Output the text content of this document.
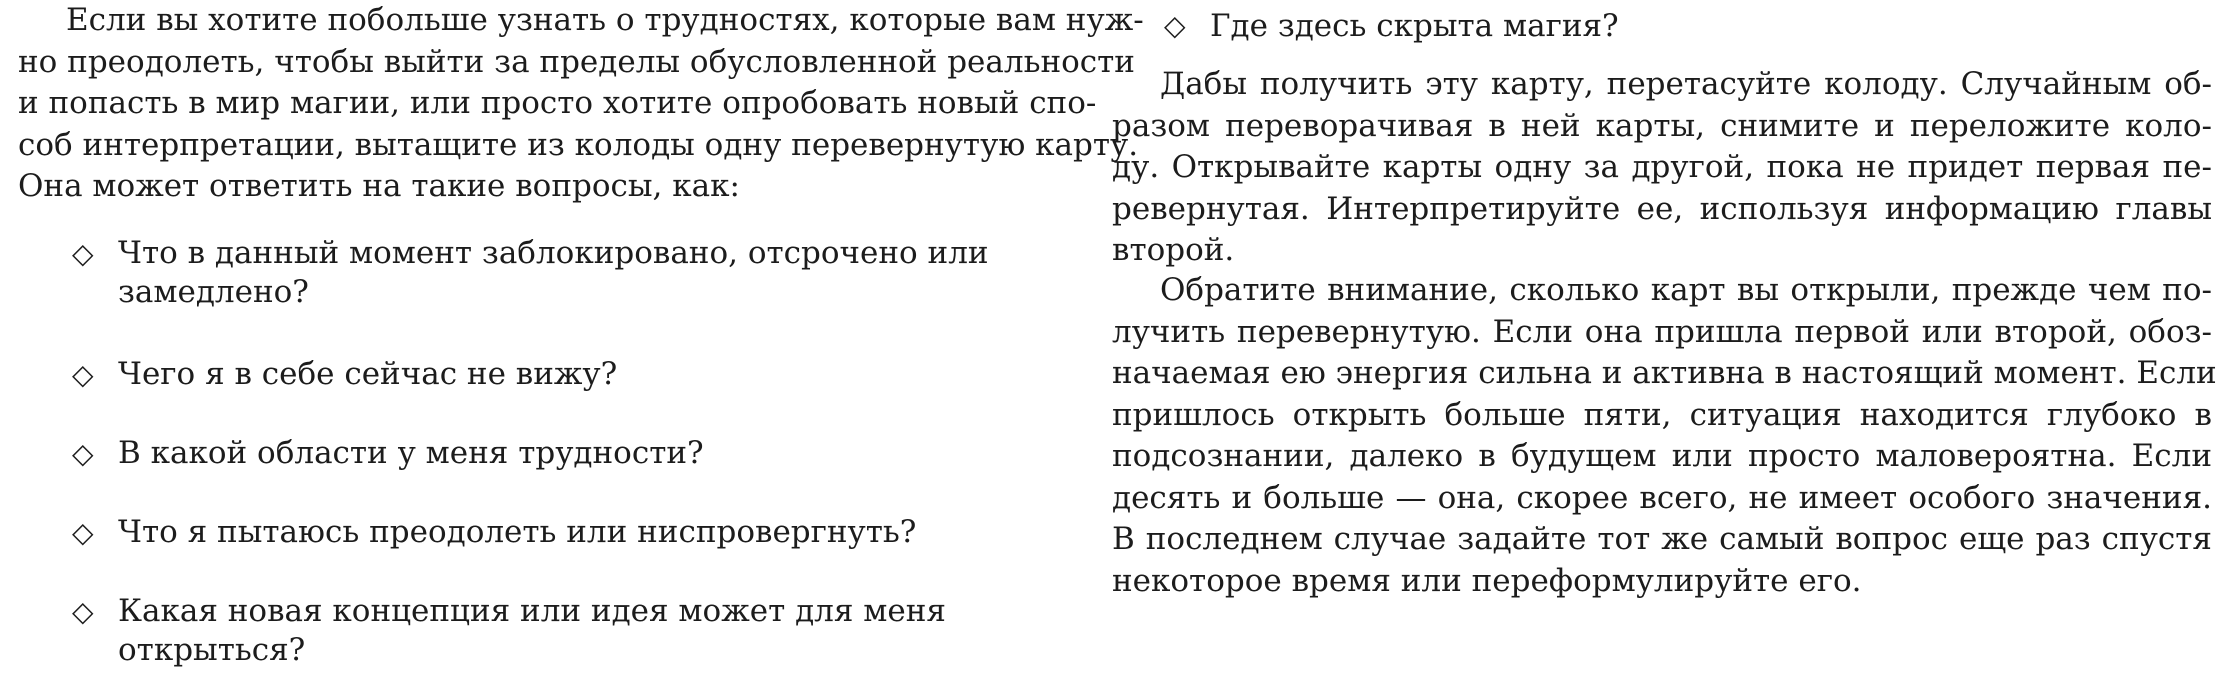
Если вы хотите побольше узнать о трудностях, которые вам нуж-
но преодолеть, чтобы выйти за пределы обусловленной реальности
и попасть в мир магии, или просто хотите опробовать новый спо-
соб интерпретации, вытащите из колоды одну перевернутую карту.
Она может ответить на такие вопросы, как:
◇ Что в данный момент заблокировано, отсрочено или
замедлено?
◇ Чего я в себе сейчас не вижу?
◇ В какой области у меня трудности?
◇ Что я пытаюсь преодолеть или ниспровергнуть?
◇ Какая новая концепция или идея может для меня
открыться?
◇ Где здесь скрыта магия?
Дабы получить эту карту, перетасуйте колоду. Случайным об-
разом переворачивая в ней карты, снимите и переложите коло-
ду. Открывайте карты одну за другой, пока не придет первая пе-
ревернутая. Интерпретируйте ее, используя информацию главы
второй.
Обратите внимание, сколько карт вы открыли, прежде чем по-
лучить перевернутую. Если она пришла первой или второй, обоз-
начаемая ею энергия сильна и активна в настоящий момент. Если
пришлось открыть больше пяти, ситуация находится глубоко в
подсознании, далеко в будущем или просто маловероятна. Если
десять и больше — она, скорее всего, не имеет особого значения.
В последнем случае задайте тот же самый вопрос еще раз спустя
некоторое время или переформулируйте его.
